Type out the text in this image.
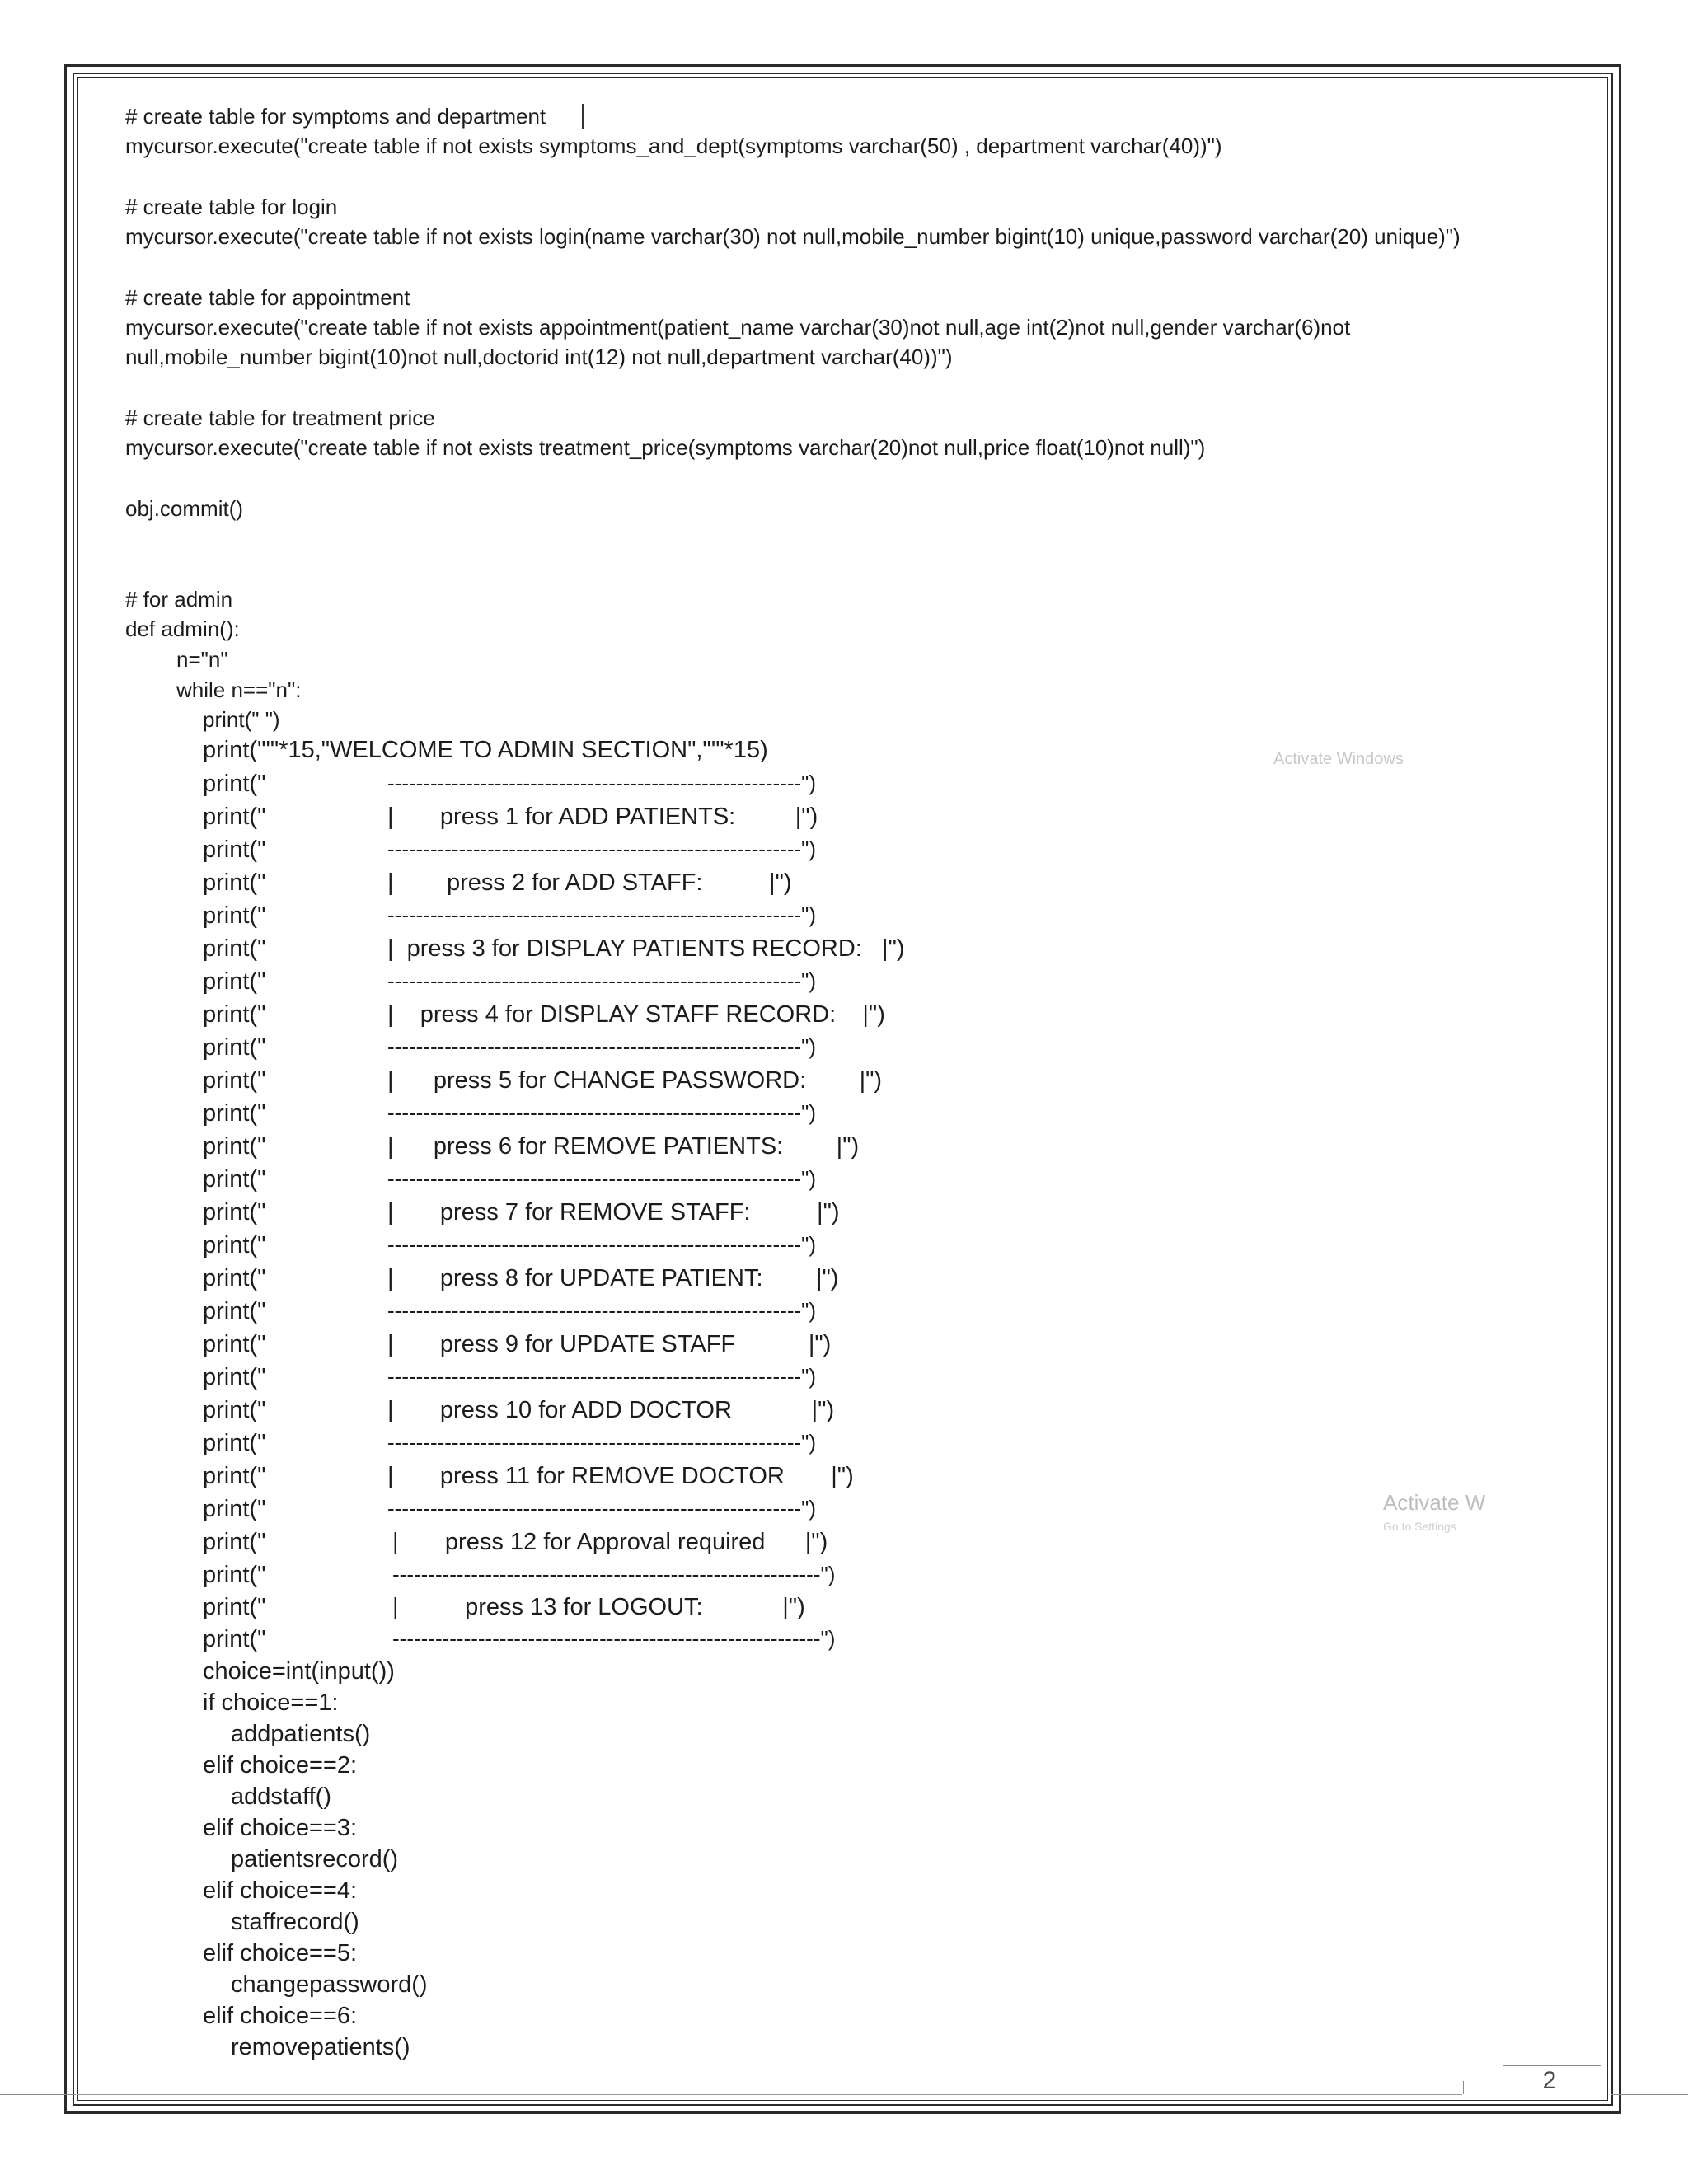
2
# create table for symptoms and department
mycursor.execute("create table if not exists symptoms_and_dept(symptoms varchar(50) , department varchar(40))")
# create table for login
mycursor.execute("create table if not exists login(name varchar(30) not null,mobile_number bigint(10) unique,password varchar(20) unique)")
# create table for appointment
mycursor.execute("create table if not exists appointment(patient_name varchar(30)not null,age int(2)not null,gender varchar(6)not
null,mobile_number bigint(10)not null,doctorid int(12) not null,department varchar(40))")
# create table for treatment price
mycursor.execute("create table if not exists treatment_price(symptoms varchar(20)not null,price float(10)not null)")
obj.commit()
# for admin
def admin():
n="n"
while n=="n":
print(" ")
print("'"*15,"WELCOME TO ADMIN SECTION","'"*15)
print("	----------------------------------------------------------")
print("	|       press 1 for ADD PATIENTS:         |")
print("	----------------------------------------------------------")
print("	|        press 2 for ADD STAFF:          |")
print("	----------------------------------------------------------")
print("	|  press 3 for DISPLAY PATIENTS RECORD:   |")
print("	----------------------------------------------------------")
print("	|    press 4 for DISPLAY STAFF RECORD:    |")
print("	----------------------------------------------------------")
print("	|      press 5 for CHANGE PASSWORD:        |")
print("	----------------------------------------------------------")
print("	|      press 6 for REMOVE PATIENTS:        |")
print("	----------------------------------------------------------")
print("	|       press 7 for REMOVE STAFF:          |")
print("	----------------------------------------------------------")
print("	|       press 8 for UPDATE PATIENT:        |")
print("	----------------------------------------------------------")
print("	|       press 9 for UPDATE STAFF           |")
print("	----------------------------------------------------------")
print("	|       press 10 for ADD DOCTOR            |")
print("	----------------------------------------------------------")
print("	|       press 11 for REMOVE DOCTOR       |")
print("	----------------------------------------------------------")
print("	|       press 12 for Approval required      |")
print("	------------------------------------------------------------")
print("	|          press 13 for LOGOUT:            |")
print("	------------------------------------------------------------")
choice=int(input())
if choice==1:
addpatients()
elif choice==2:
addstaff()
elif choice==3:
patientsrecord()
elif choice==4:
staffrecord()
elif choice==5:
changepassword()
elif choice==6:
removepatients()
Activate Windows
Activate W
Go to Settings
